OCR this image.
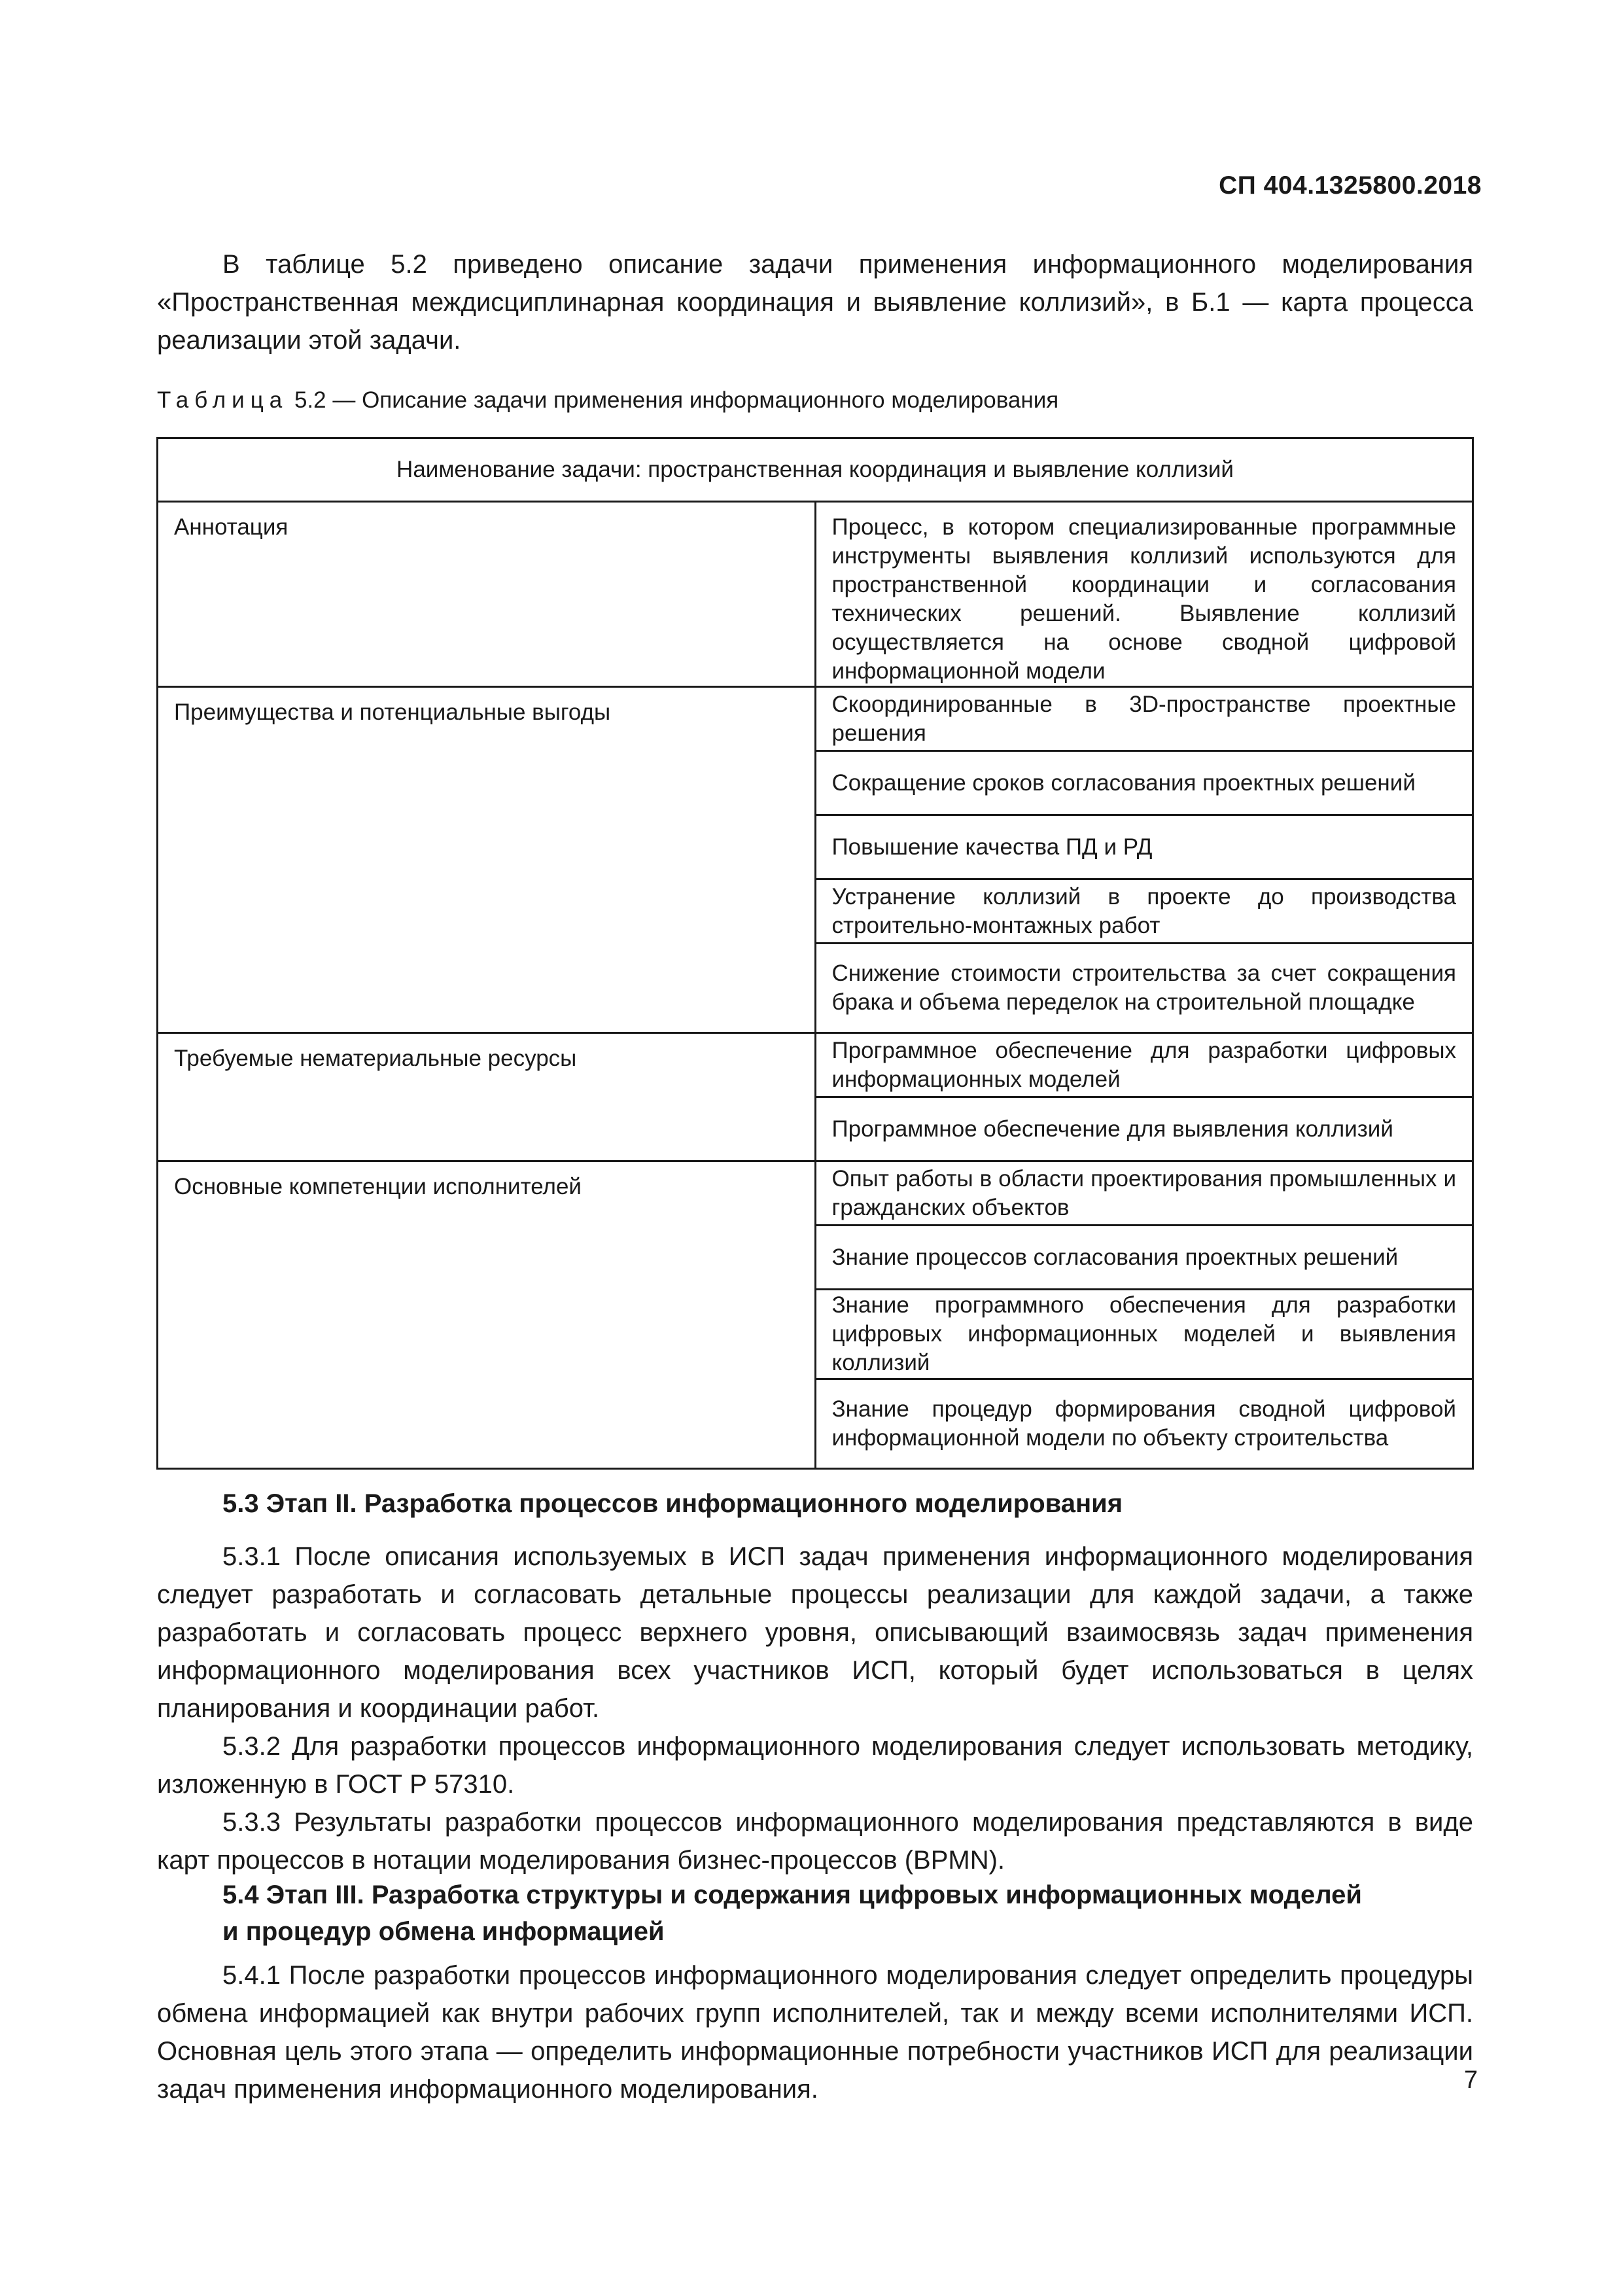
СП 404.1325800.2018

В таблице 5.2 приведено описание задачи применения информационного моделирования «Пространственная междисциплинарная координация и выявление коллизий», в Б.1 — карта процесса реализации этой задачи.

Таблица 5.2 — Описание задачи применения информационного моделирования

Наименование задачи: пространственная координация и выявление коллизий	
Аннотация	Процесс, в котором специализированные программные инструменты выявления коллизий используются для пространственной координации и согласования технических решений. Выявление коллизий осуществляется на основе сводной цифровой информационной модели
Преимущества и потенциальные выгоды	Скоординированные в 3D-пространстве проектные решения
	Сокращение сроков согласования проектных решений
	Повышение качества ПД и РД
	Устранение коллизий в проекте до производства строительно-монтажных работ
	Снижение стоимости строительства за счет сокращения брака и объема переделок на строительной площадке
Требуемые нематериальные ресурсы	Программное обеспечение для разработки цифровых информационных моделей
	Программное обеспечение для выявления коллизий
Основные компетенции исполнителей	Опыт работы в области проектирования промышленных и гражданских объектов
	Знание процессов согласования проектных решений
	Знание программного обеспечения для разработки цифровых информационных моделей и выявления коллизий
	Знание процедур формирования сводной цифровой информационной модели по объекту строительства
5.3 Этап II. Разработка процессов информационного моделирования

5.3.1 После описания используемых в ИСП задач применения информационного моделирования следует разработать и согласовать детальные процессы реализации для каждой задачи, а также разработать и согласовать процесс верхнего уровня, описывающий взаимосвязь задач применения информационного моделирования всех участников ИСП, который будет использоваться в целях планирования и координации работ.

5.3.2 Для разработки процессов информационного моделирования следует использовать методику, изложенную в ГОСТ Р 57310.

5.3.3 Результаты разработки процессов информационного моделирования представляются в виде карт процессов в нотации моделирования бизнес-процессов (BPMN).

5.4 Этап III. Разработка структуры и содержания цифровых информационных моделей
и процедур обмена информацией

5.4.1 После разработки процессов информационного моделирования следует определить процедуры обмена информацией как внутри рабочих групп исполнителей, так и между всеми исполнителями ИСП. Основная цель этого этапа — определить информационные потребности участников ИСП для реализации задач применения информационного моделирования.	7
